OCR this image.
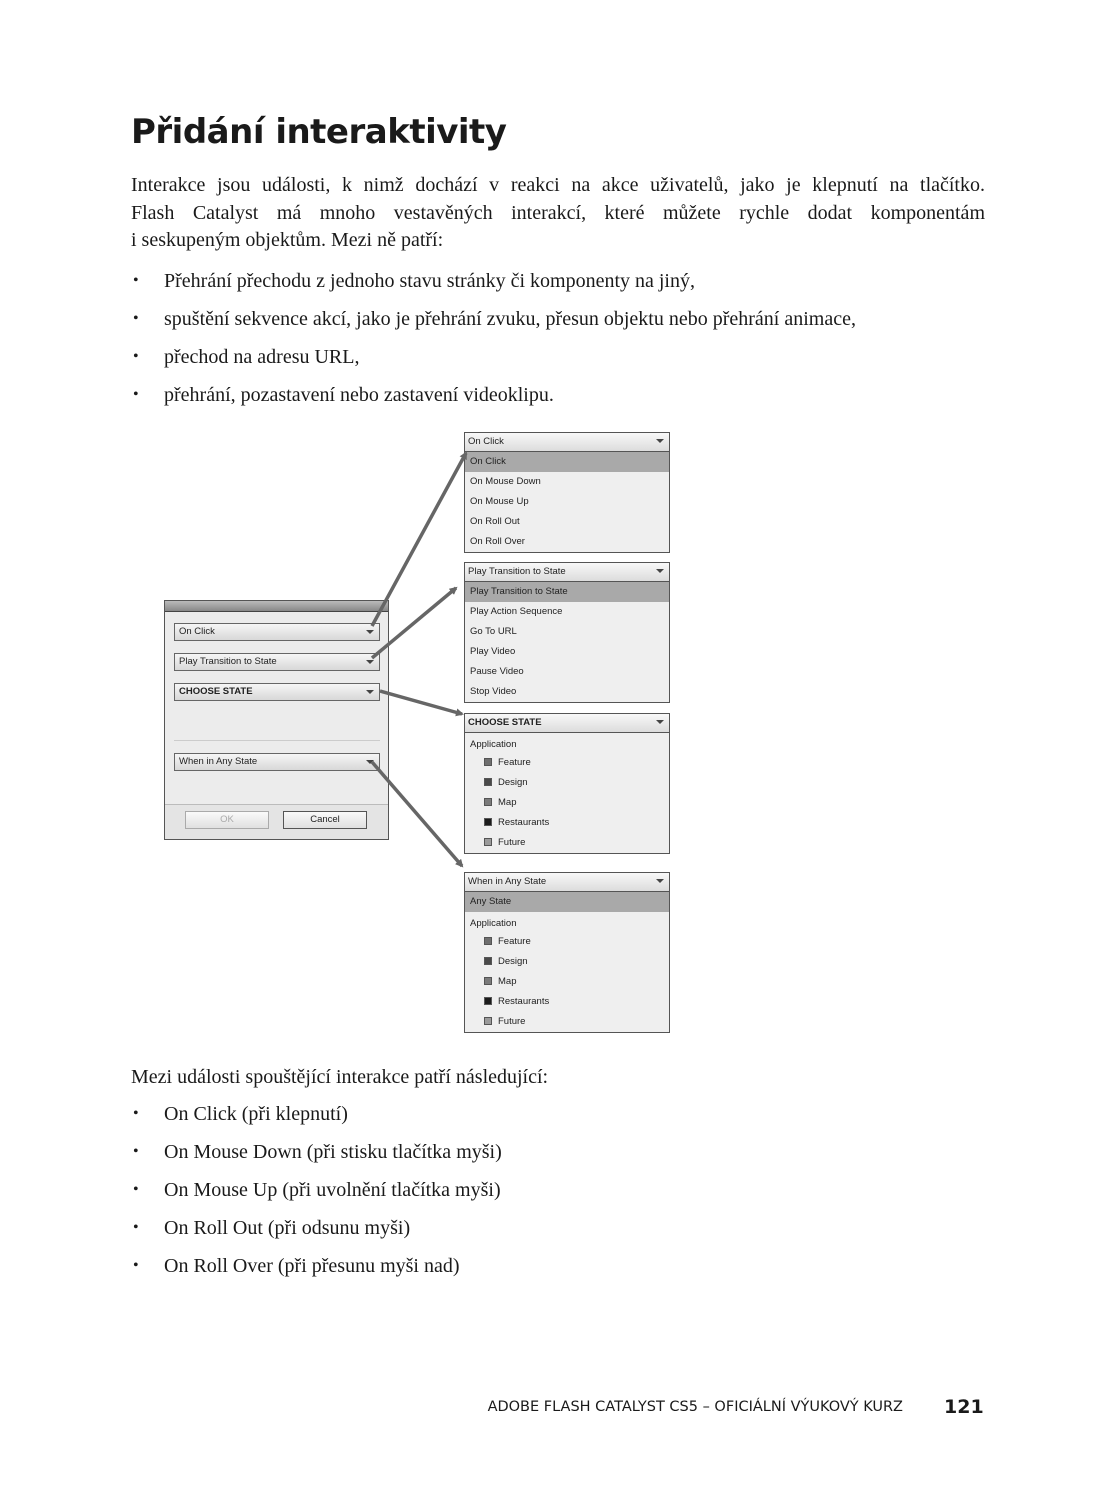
Přidání interaktivity
Interakce jsou události, k nimž dochází v reakci na akce uživatelů, jako je klepnutí na tlačítko.
Flash Catalyst má mnoho vestavěných interakcí, které můžete rychle dodat komponentám
i seskupeným objektům. Mezi ně patří:
• Přehrání přechodu z jednoho stavu stránky či komponenty na jiný,
• spuštění sekvence akcí, jako je přehrání zvuku, přesun objektu nebo přehrání animace,
• přechod na adresu URL,
• přehrání, pozastavení nebo zastavení videoklipu.
On Click
Play Transition to State
CHOOSE STATE
When in Any State
OK	Cancel
On Click
On Click
On Mouse Down
On Mouse Up
On Roll Out
On Roll Over
Play Transition to State
Play Transition to State
Play Action Sequence
Go To URL
Play Video
Pause Video
Stop Video
CHOOSE STATE
Application
Feature
Design
Map
Restaurants
Future
When in Any State
Any State
Application
Feature
Design
Map
Restaurants
Future
Mezi události spouštějící interakce patří následující:
• On Click (při klepnutí)
• On Mouse Down (při stisku tlačítka myši)
• On Mouse Up (při uvolnění tlačítka myši)
• On Roll Out (při odsunu myši)
• On Roll Over (při přesunu myši nad)
ADOBE FLASH CATALYST CS5 – OFICIÁLNÍ VÝUKOVÝ KURZ 121
